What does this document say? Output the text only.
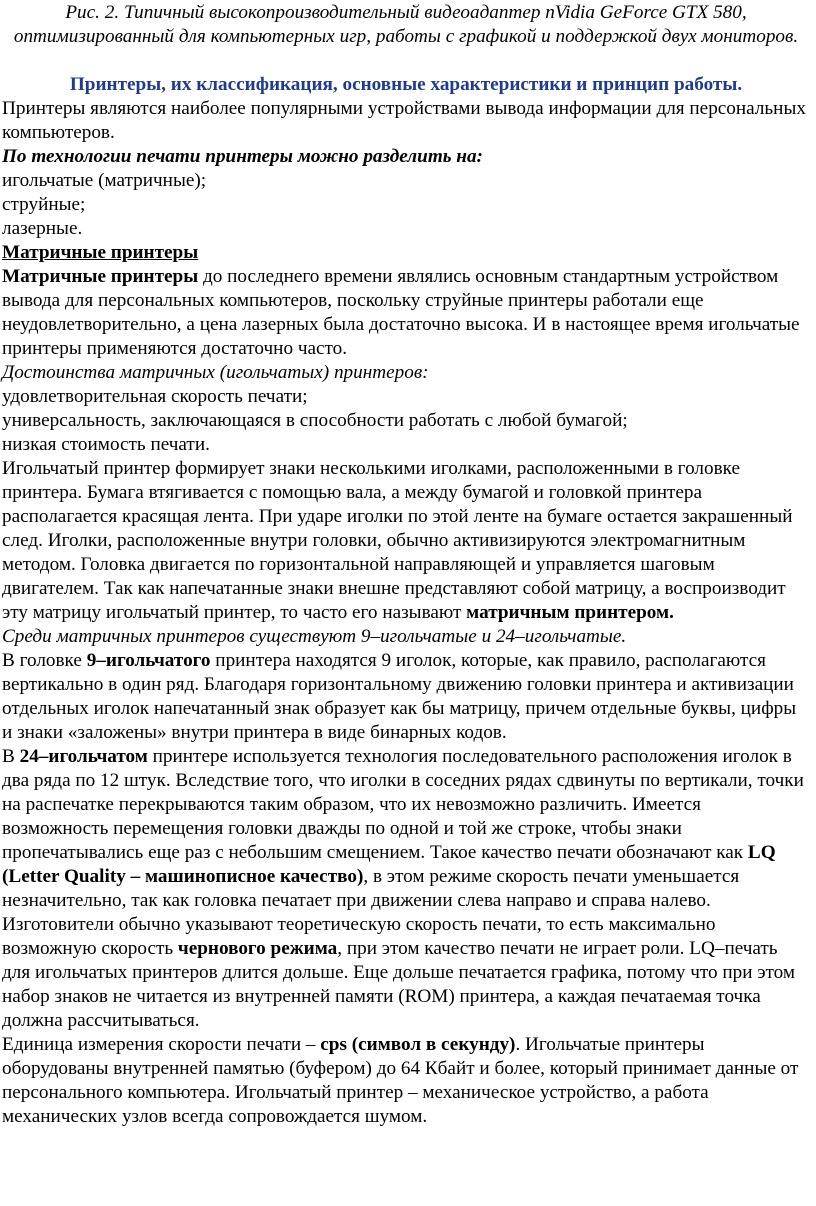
Рис. 2. Типичный высокопроизводительный видеоадаптер nVidia GeForce GTX 580, оптимизированный для компьютерных игр, работы с графикой и поддержкой двух мониторов.

Принтеры, их классификация, основные характеристики и принцип работы.

Принтеры являются наиболее популярными устройствами вывода информации для персональных компьютеров.

По технологии печати принтеры можно разделить на:

игольчатые (матричные);

струйные;

лазерные.

Матричные принтеры

Матричные принтеры до последнего времени являлись основным стандартным устройством вывода для персональных компьютеров, поскольку струйные принтеры работали еще неудовлетворительно, а цена лазерных была достаточно высока. И в настоящее время игольчатые принтеры применяются достаточно часто.

Достоинства матричных (игольчатых) принтеров:

удовлетворительная скорость печати;

универсальность, заключающаяся в способности работать с любой бумагой;

низкая стоимость печати.

Игольчатый принтер формирует знаки несколькими иголками, расположенными в головке принтера. Бумага втягивается с помощью вала, а между бумагой и головкой принтера располагается красящая лента. При ударе иголки по этой ленте на бумаге остается закрашенный след. Иголки, расположенные внутри головки, обычно активизируются электромагнитным методом. Головка двигается по горизонтальной направляющей и управляется шаговым двигателем. Так как напечатанные знаки внешне представляют собой матрицу, а воспроизводит эту матрицу игольчатый принтер, то часто его называют матричным принтером.

Среди матричных принтеров существуют 9–игольчатые и 24–игольчатые.

В головке 9–игольчатого принтера находятся 9 иголок, которые, как правило, располагаются вертикально в один ряд. Благодаря горизонтальному движению головки принтера и активизации отдельных иголок напечатанный знак образует как бы матрицу, причем отдельные буквы, цифры и знаки «заложены» внутри принтера в виде бинарных кодов.

В 24–игольчатом принтере используется технология последовательного расположения иголок в два ряда по 12 штук. Вследствие того, что иголки в соседних рядах сдвинуты по вертикали, точки на распечатке перекрываются таким образом, что их невозможно различить. Имеется возможность перемещения головки дважды по одной и той же строке, чтобы знаки пропечатывались еще раз с небольшим смещением. Такое качество печати обозначают как LQ (Letter Quality – машинописное качество), в этом режиме скорость печати уменьшается незначительно, так как головка печатает при движении слева направо и справа налево. Изготовители обычно указывают теоретическую скорость печати, то есть максимально возможную скорость чернового режима, при этом качество печати не играет роли. LQ–печать для игольчатых принтеров длится дольше. Еще дольше печатается графика, потому что при этом набор знаков не читается из внутренней памяти (ROM) принтера, а каждая печатаемая точка должна рассчитываться.

Единица измерения скорости печати – cps (символ в секунду). Игольчатые принтеры оборудованы внутренней памятью (буфером) до 64 Кбайт и более, который принимает данные от персонального компьютера. Игольчатый принтер – механическое устройство, а работа механических узлов всегда сопровождается шумом.
